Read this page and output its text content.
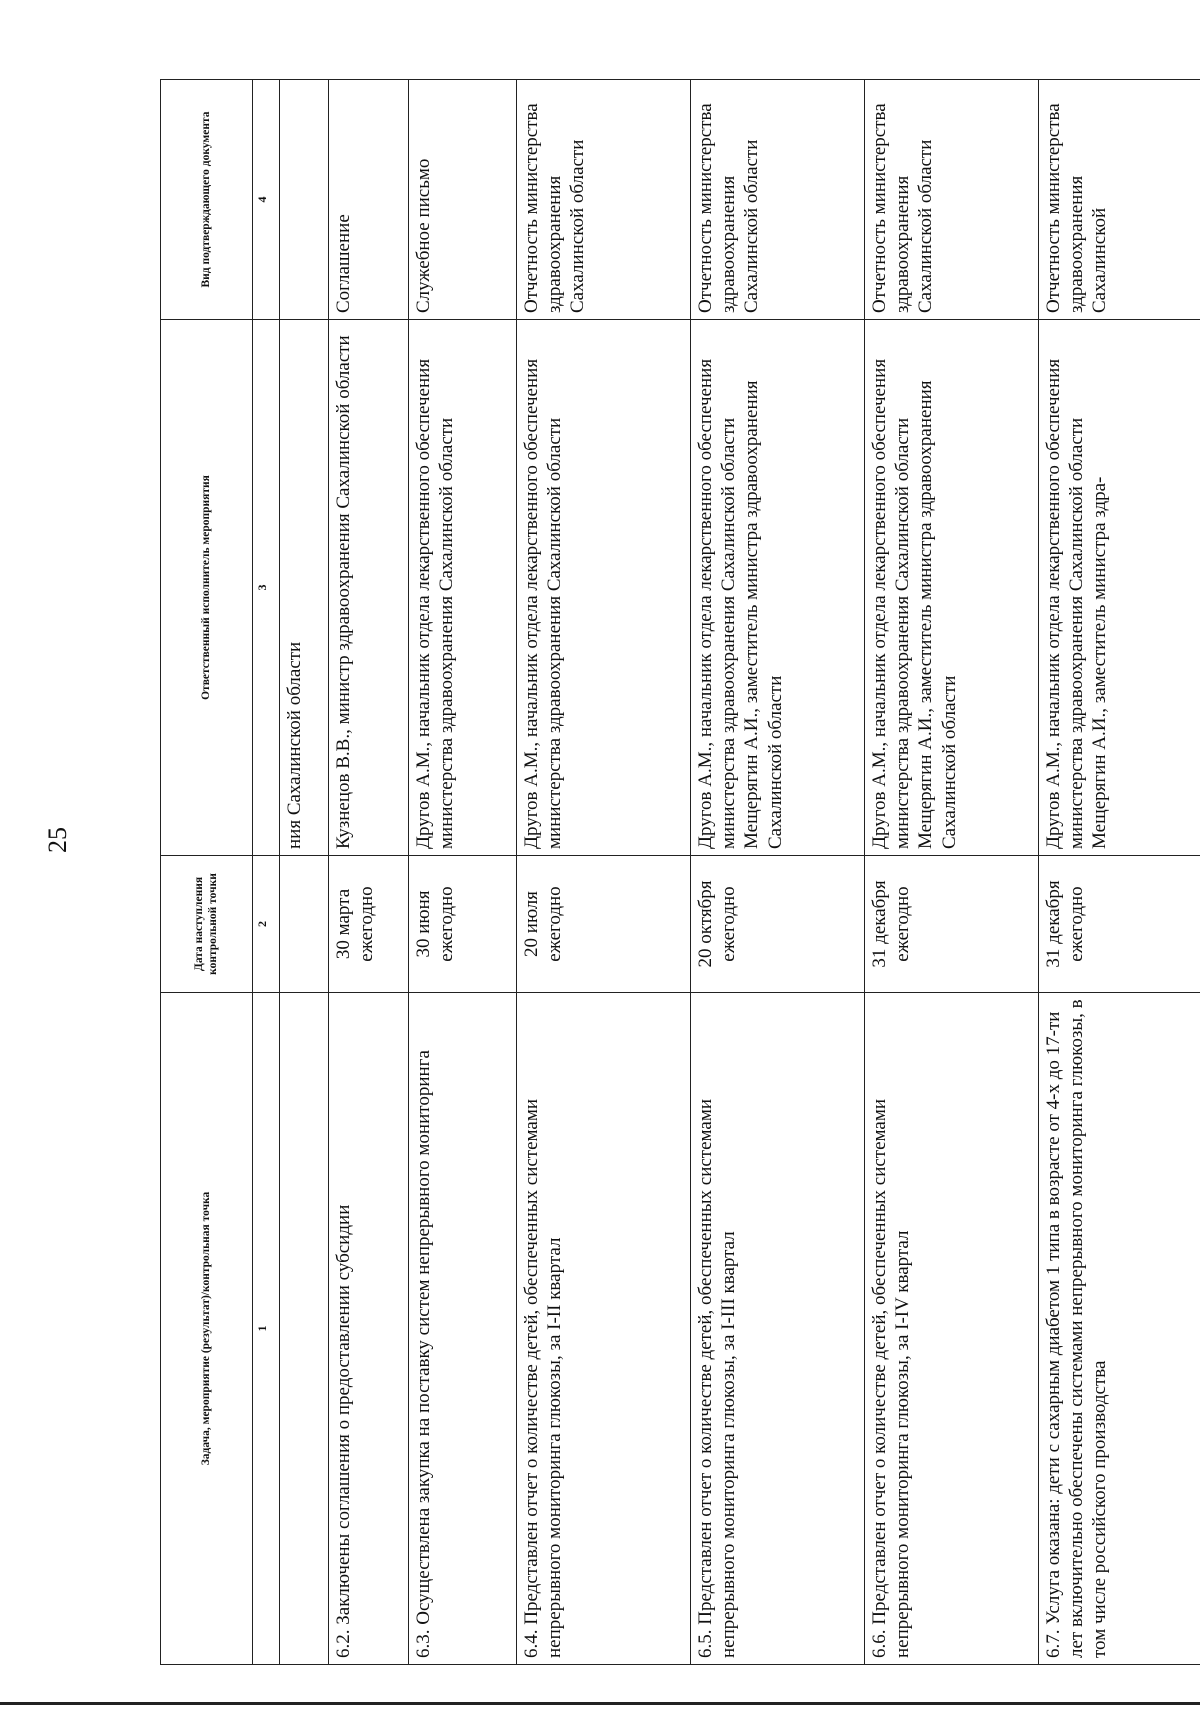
25
Задача, мероприятие (результат)/контрольная точка	Дата наступления контрольной точки	Ответственный исполнитель мероприятия	Вид подтверждающего документа
1	2	3	4
		ния Сахалинской области	
6.2. Заключены соглашения о предоставлении субсидии	30 марта ежегодно	Кузнецов В.В., министр здравоохранения Сахалинской области	Соглашение
6.3. Осуществлена закупка на поставку систем непрерывного мониторинга	30 июня ежегодно	Другов А.М., начальник отдела лекарственного обеспечения министерства здравоохранения Сахалинской области	Служебное письмо
6.4. Представлен отчет о количестве детей, обеспеченных системами непрерывного мониторинга глюкозы, за I-II квартал	20 июля ежегодно	Другов А.М., начальник отдела лекарственного обеспечения министерства здравоохранения Сахалинской области	Отчетность министерства здравоохранения Сахалинской области
6.5. Представлен отчет о количестве детей, обеспеченных системами непрерывного мониторинга глюкозы, за I-III квартал	20 октября ежегодно	Другов А.М., начальник отдела лекарственного обеспечения министерства здравоохранения Сахалинской области Мещерягин А.И., заместитель министра здравоохранения Сахалинской области	Отчетность министерства здравоохранения Сахалинской области
6.6. Представлен отчет о количестве детей, обеспеченных системами непрерывного мониторинга глюкозы, за I-IV квартал	31 декабря ежегодно	Другов А.М., начальник отдела лекарственного обеспечения министерства здравоохранения Сахалинской области Мещерягин А.И., заместитель министра здравоохранения Сахалинской области	Отчетность министерства здравоохранения Сахалинской области
6.7. Услуга оказана: дети с сахарным диабетом 1 типа в возрасте от 4-х до 17-ти лет включительно обеспечены системами непрерывного мониторинга глюкозы, в том числе российского производства	31 декабря ежегодно	Другов А.М., начальник отдела лекарственного обеспечения министерства здравоохранения Сахалинской области Мещерягин А.И., заместитель министра здра-	Отчетность министерства здравоохранения Сахалинской
